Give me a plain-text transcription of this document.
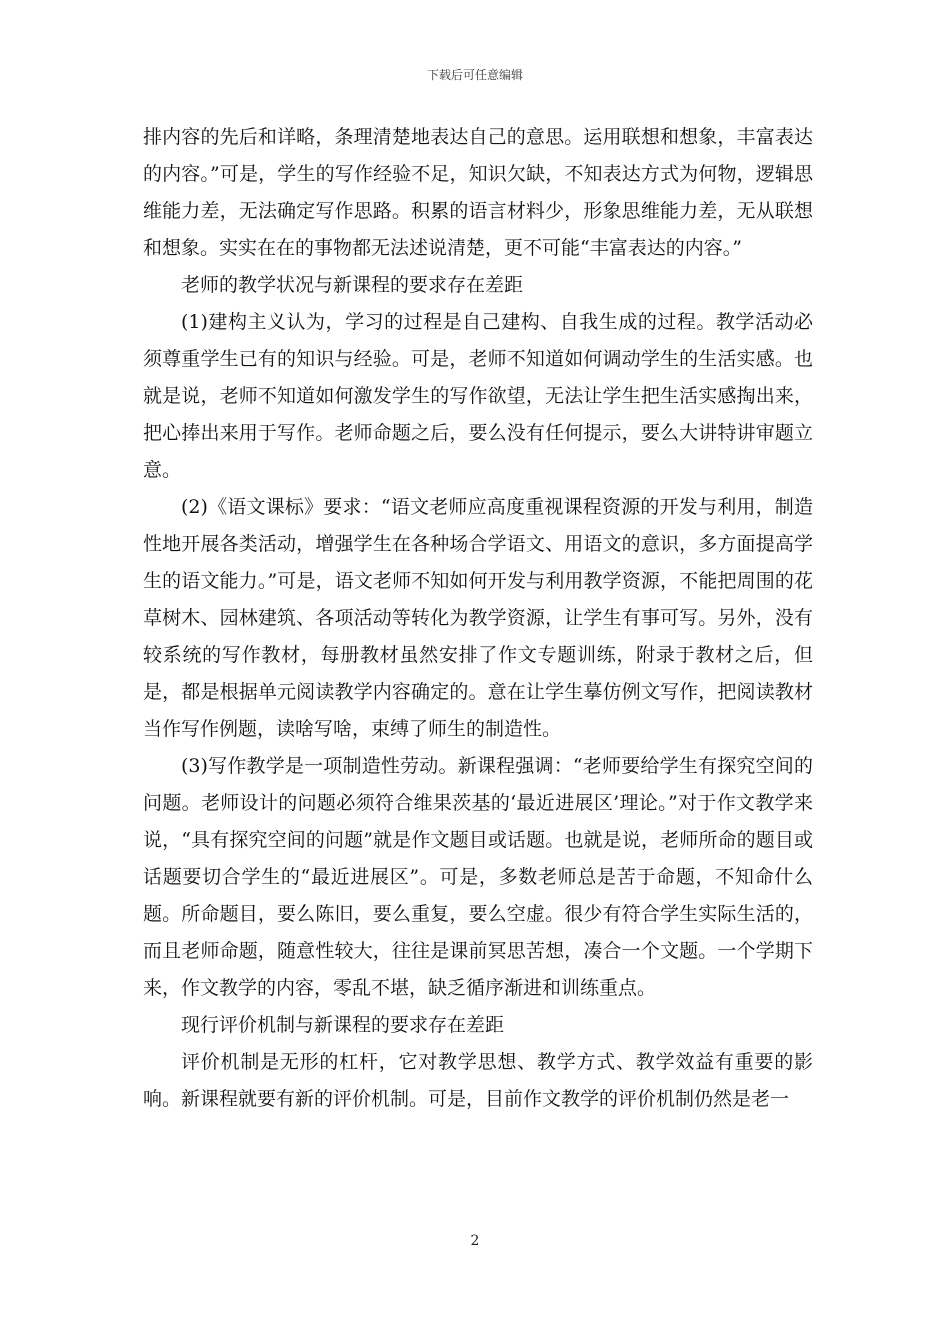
下载后可任意编辑

排内容的先后和详略，条理清楚地表达自己的意思。运用联想和想象，丰富表达的内容。”可是，学生的写作经验不足，知识欠缺，不知表达方式为何物，逻辑思维能力差，无法确定写作思路。积累的语言材料少，形象思维能力差，无从联想和想象。实实在在的事物都无法述说清楚，更不可能“丰富表达的内容。”

老师的教学状况与新课程的要求存在差距

(1)建构主义认为，学习的过程是自己建构、自我生成的过程。教学活动必须尊重学生已有的知识与经验。可是，老师不知道如何调动学生的生活实感。也就是说，老师不知道如何激发学生的写作欲望，无法让学生把生活实感掏出来，把心捧出来用于写作。老师命题之后，要么没有任何提示，要么大讲特讲审题立意。

(2)《语文课标》要求：“语文老师应高度重视课程资源的开发与利用，制造性地开展各类活动，增强学生在各种场合学语文、用语文的意识，多方面提高学生的语文能力。”可是，语文老师不知如何开发与利用教学资源，不能把周围的花草树木、园林建筑、各项活动等转化为教学资源，让学生有事可写。另外，没有较系统的写作教材，每册教材虽然安排了作文专题训练，附录于教材之后，但是，都是根据单元阅读教学内容确定的。意在让学生摹仿例文写作，把阅读教材当作写作例题，读啥写啥，束缚了师生的制造性。

(3)写作教学是一项制造性劳动。新课程强调：“老师要给学生有探究空间的问题。老师设计的问题必须符合维果茨基的‘最近进展区’理论。”对于作文教学来说，“具有探究空间的问题”就是作文题目或话题。也就是说，老师所命的题目或话题要切合学生的“最近进展区”。可是，多数老师总是苦于命题，不知命什么题。所命题目，要么陈旧，要么重复，要么空虚。很少有符合学生实际生活的，而且老师命题，随意性较大，往往是课前冥思苦想，凑合一个文题。一个学期下来，作文教学的内容，零乱不堪，缺乏循序渐进和训练重点。

现行评价机制与新课程的要求存在差距

评价机制是无形的杠杆，它对教学思想、教学方式、教学效益有重要的影响。新课程就要有新的评价机制。可是，目前作文教学的评价机制仍然是老一

2
